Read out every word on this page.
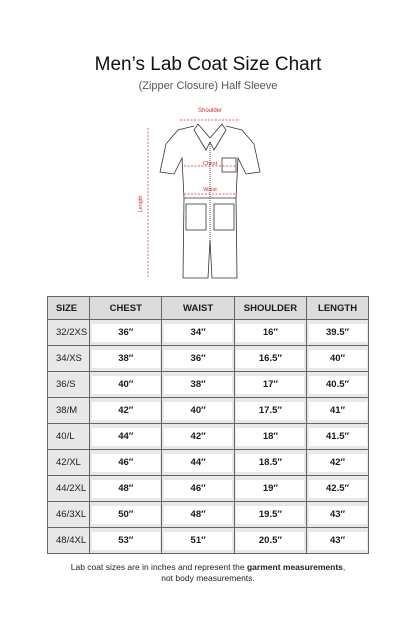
Men’s Lab Coat Size Chart
(Zipper Closure) Half Sleeve
Shoulder
Chest
Waist
Length
SIZE	CHEST	WAIST	SHOULDER	LENGTH
32/2XS	36″	34″	16″	39.5″
34/XS	38″	36″	16.5″	40″
36/S	40″	38″	17″	40.5″
38/M	42″	40″	17.5″	41″
40/L	44″	42″	18″	41.5″
42/XL	46″	44″	18.5″	42″
44/2XL	48″	46″	19″	42.5″
46/3XL	50″	48″	19.5″	43″
48/4XL	53″	51″	20.5″	43″
Lab coat sizes are in inches and represent the garment measurements,
not body measurements.
